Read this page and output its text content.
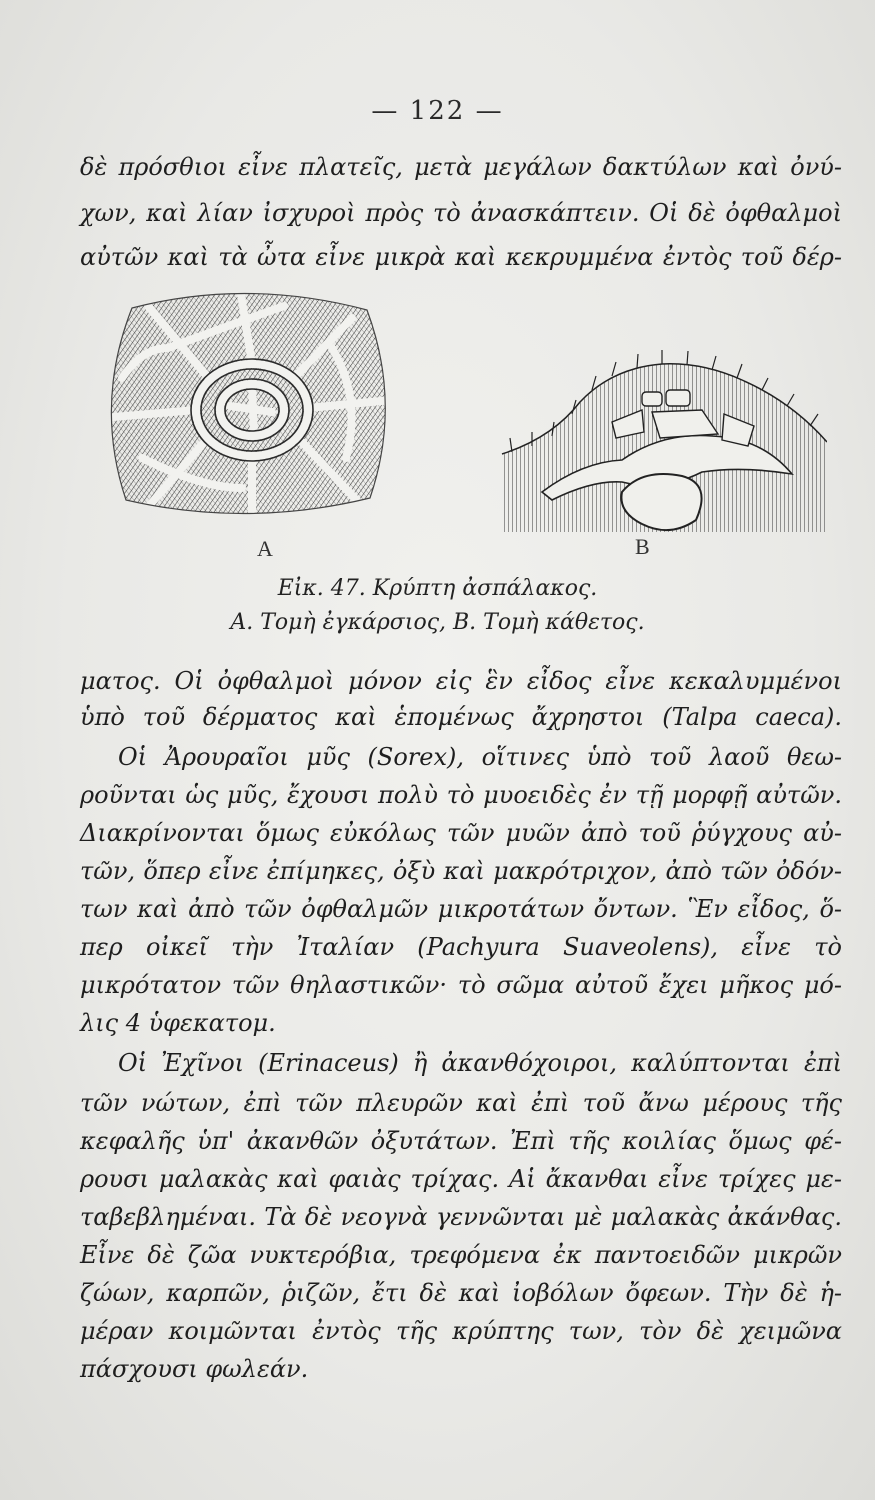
— 122 —
δὲ πρόσθιοι εἶνε πλατεῖς, μετὰ μεγάλων δακτύλων καὶ ὀνύ-
χων, καὶ λίαν ἰσχυροὶ πρὸς τὸ ἀνασκάπτειν. Οἱ δὲ ὀφθαλμοὶ
αὐτῶν καὶ τὰ ὦτα εἶνε μικρὰ καὶ κεκρυμμένα ἐντὸς τοῦ δέρ-
A	B
Εἰκ. 47. Κρύπτη ἀσπάλακος.
Α. Τομὴ ἐγκάρσιος, Β. Τομὴ κάθετος.
ματος. Οἱ ὀφθαλμοὶ μόνον εἰς ἓν εἶδος εἶνε κεκαλυμμένοι
ὑπὸ τοῦ δέρματος καὶ ἑπομένως ἄχρηστοι (Talpa caeca).
Οἱ Ἀρουραῖοι μῦς (Sorex), οἵτινες ὑπὸ τοῦ λαοῦ θεω-
ροῦνται ὡς μῦς, ἔχουσι πολὺ τὸ μυοειδὲς ἐν τῇ μορφῇ αὐτῶν.
Διακρίνονται ὅμως εὐκόλως τῶν μυῶν ἀπὸ τοῦ ῥύγχους αὐ-
τῶν, ὅπερ εἶνε ἐπίμηκες, ὀξὺ καὶ μακρότριχον, ἀπὸ τῶν ὀδόν-
των καὶ ἀπὸ τῶν ὀφθαλμῶν μικροτάτων ὄντων. Ἓν εἶδος, ὅ-
περ οἰκεῖ τὴν Ἰταλίαν (Pachyura Suaveolens), εἶνε τὸ
μικρότατον τῶν θηλαστικῶν· τὸ σῶμα αὐτοῦ ἔχει μῆκος μό-
λις 4 ὑφεκατομ.
Οἱ Ἐχῖνοι (Erinaceus) ἢ ἀκανθόχοιροι, καλύπτονται ἐπὶ
τῶν νώτων, ἐπὶ τῶν πλευρῶν καὶ ἐπὶ τοῦ ἄνω μέρους τῆς
κεφαλῆς ὑπ' ἀκανθῶν ὀξυτάτων. Ἐπὶ τῆς κοιλίας ὅμως φέ-
ρουσι μαλακὰς καὶ φαιὰς τρίχας. Αἱ ἄκανθαι εἶνε τρίχες με-
ταβεβλημέναι. Τὰ δὲ νεογνὰ γεννῶνται μὲ μαλακὰς ἀκάνθας.
Εἶνε δὲ ζῶα νυκτερόβια, τρεφόμενα ἐκ παντοειδῶν μικρῶν
ζώων, καρπῶν, ῥιζῶν, ἔτι δὲ καὶ ἰοβόλων ὄφεων. Τὴν δὲ ἡ-
μέραν κοιμῶνται ἐντὸς τῆς κρύπτης των, τὸν δὲ χειμῶνα
πάσχουσι φωλεάν.
